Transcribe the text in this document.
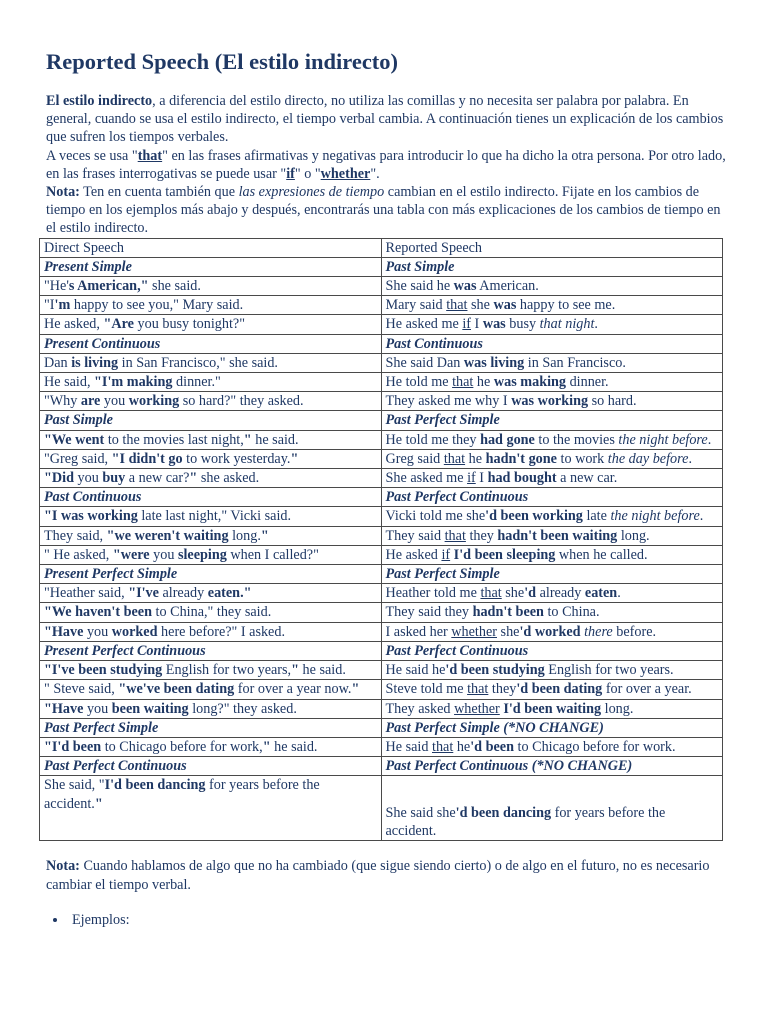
Reported Speech (El estilo indirecto)

El estilo indirecto, a diferencia del estilo directo, no utiliza las comillas y no necesita ser palabra por palabra. En general, cuando se usa el estilo indirecto, el tiempo verbal cambia. A continuación tienes un explicación de los cambios que sufren los tiempos verbales.

A veces se usa "that" en las frases afirmativas y negativas para introducir lo que ha dicho la otra persona. Por otro lado, en las frases interrogativas se puede usar "if" o "whether".

Nota: Ten en cuenta también que las expresiones de tiempo cambian en el estilo indirecto. Fijate en los cambios de tiempo en los ejemplos más abajo y después, encontrarás una tabla con más explicaciones de los cambios de tiempo en el estilo indirecto.

Direct Speech	Reported Speech
Present Simple	Past Simple
"He's American," she said.	She said he was American.
"I'm happy to see you," Mary said.	Mary said that she was happy to see me.
He asked, "Are you busy tonight?"	He asked me if I was busy that night.
Present Continuous	Past Continuous
Dan is living in San Francisco," she said.	She said Dan was living in San Francisco.
He said, "I'm making dinner."	He told me that he was making dinner.
"Why are you working so hard?" they asked.	They asked me why I was working so hard.
Past Simple	Past Perfect Simple
"We went to the movies last night," he said.	He told me they had gone to the movies the night before.
"Greg said, "I didn't go to work yesterday."	Greg said that he hadn't gone to work the day before.
"Did you buy a new car?" she asked.	She asked me if I had bought a new car.
Past Continuous	Past Perfect Continuous
"I was working late last night," Vicki said.	Vicki told me she'd been working late the night before.
They said, "we weren't waiting long."	They said that they hadn't been waiting long.
" He asked, "were you sleeping when I called?"	He asked if I'd been sleeping when he called.
Present Perfect Simple	Past Perfect Simple
"Heather said, "I've already eaten."	Heather told me that she'd already eaten.
"We haven't been to China," they said.	They said they hadn't been to China.
"Have you worked here before?" I asked.	I asked her whether she'd worked there before.
Present Perfect Continuous	Past Perfect Continuous
"I've been studying English for two years," he said.	He said he'd been studying English for two years.
" Steve said, "we've been dating for over a year now."	Steve told me that they'd been dating for over a year.
"Have you been waiting long?" they asked.	They asked whether I'd been waiting long.
Past Perfect Simple	Past Perfect Simple (*NO CHANGE)
"I'd been to Chicago before for work," he said.	He said that he'd been to Chicago before for work.
Past Perfect Continuous	Past Perfect Continuous (*NO CHANGE)
She said, "I'd been dancing for years before the accident."	She said she'd been dancing for years before the accident.
Nota: Cuando hablamos de algo que no ha cambiado (que sigue siendo cierto) o de algo en el futuro, no es necesario cambiar el tiempo verbal.
• Ejemplos:
